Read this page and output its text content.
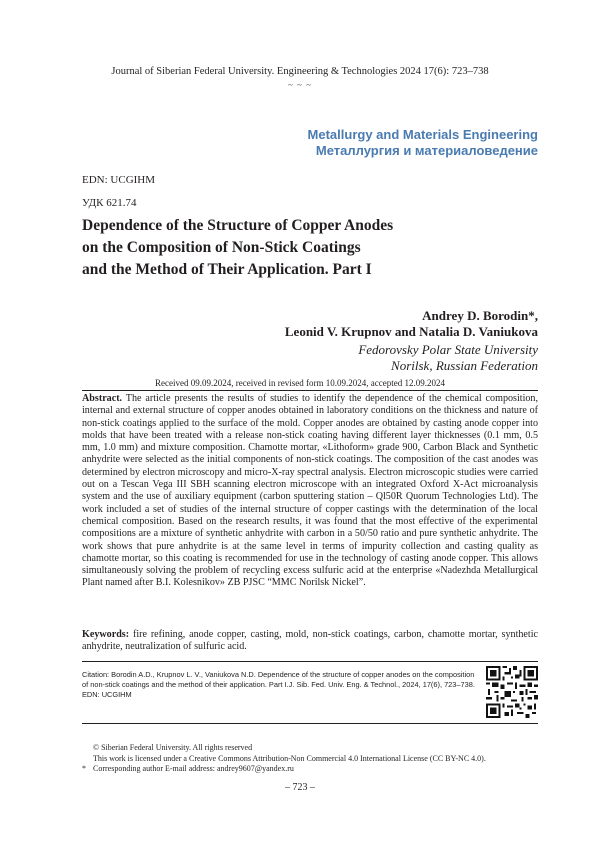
Journal of Siberian Federal University. Engineering & Technologies 2024 17(6): 723–738
~ ~ ~
Metallurgy and Materials Engineering
Металлургия и материаловедение
EDN: UCGIHM
УДК 621.74
Dependence of the Structure of Copper Anodes
on the Composition of Non-Stick Coatings
and the Method of Their Application. Part I
Andrey D. Borodin*,
Leonid V. Krupnov and Natalia D. Vaniukova
Fedorovsky Polar State University
Norilsk, Russian Federation
Received 09.09.2024, received in revised form 10.09.2024, accepted 12.09.2024
Abstract. The article presents the results of studies to identify the dependence of the chemical composition, internal and external structure of copper anodes obtained in laboratory conditions on the thickness and nature of non-stick coatings applied to the surface of the mold. Copper anodes are obtained by casting anode copper into molds that have been treated with a release non-stick coating having different layer thicknesses (0.1 mm, 0.5 mm, 1.0 mm) and mixture composition. Chamotte mortar, «Lithoform» grade 900, Carbon Black and Synthetic anhydrite were selected as the initial components of non-stick coatings. The composition of the cast anodes was determined by electron microscopy and micro-X-ray spectral analysis. Electron microscopic studies were carried out on a Tescan Vega III SBH scanning electron microscope with an integrated Oxford X-Act microanalysis system and the use of auxiliary equipment (carbon sputtering station – Ql50R Quorum Technologies Ltd). The work included a set of studies of the internal structure of copper castings with the determination of the local chemical composition. Based on the research results, it was found that the most effective of the experimental compositions are a mixture of synthetic anhydrite with carbon in a 50/50 ratio and pure synthetic anhydrite. The work shows that pure anhydrite is at the same level in terms of impurity collection and casting quality as chamotte mortar, so this coating is recommended for use in the technology of casting anode copper. This allows simultaneously solving the problem of recycling excess sulfuric acid at the enterprise «Nadezhda Metallurgical Plant named after B.I. Kolesnikov» ZB PJSC “MMC Norilsk Nickel”.
Keywords: fire refining, anode copper, casting, mold, non-stick coatings, carbon, chamotte mortar, synthetic anhydrite, neutralization of sulfuric acid.
Citation: Borodin A.D., Krupnov L. V., Vaniukova N.D. Dependence of the structure of copper anodes on the composition of non-stick coatings and the method of their application. Part I.J. Sib. Fed. Univ. Eng. & Technol., 2024, 17(6), 723–738. EDN: UCGIHM
© Siberian Federal University. All rights reserved
This work is licensed under a Creative Commons Attribution-Non Commercial 4.0 International License (CC BY-NC 4.0).
* Corresponding author E-mail address: andrey9607@yandex.ru
– 723 –
